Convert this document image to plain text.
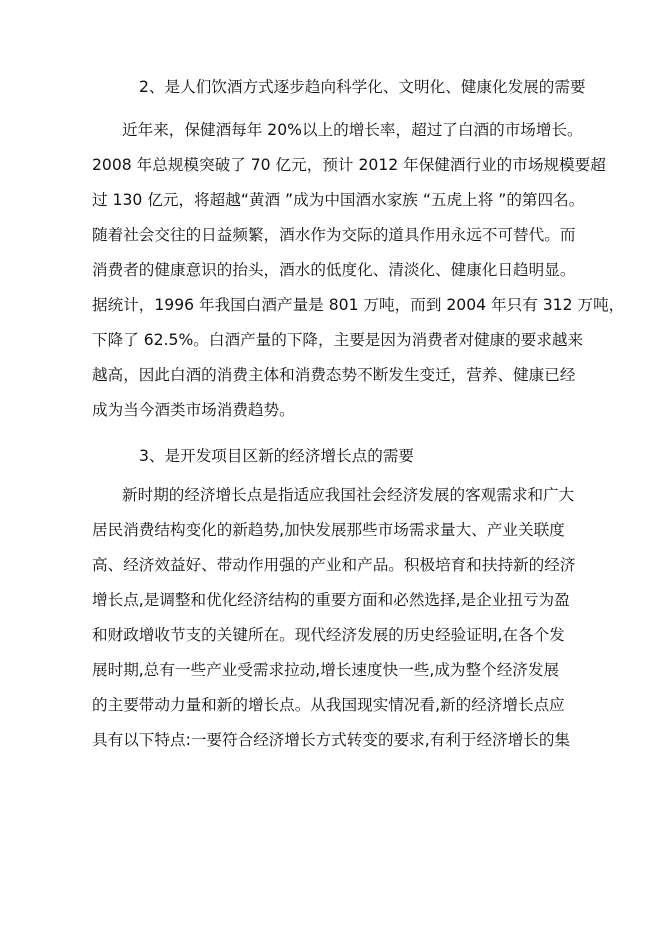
2、是人们饮酒方式逐步趋向科学化、文明化、健康化发展的需要
近年来，保健酒每年 20%以上的增长率，超过了白酒的市场增长。
2008 年总规模突破了 70 亿元，预计 2012 年保健酒行业的市场规模要超
过 130 亿元，将超越“黄酒 ”成为中国酒水家族 “五虎上将 ”的第四名。
随着社会交往的日益频繁，酒水作为交际的道具作用永远不可替代。而
消费者的健康意识的抬头，酒水的低度化、清淡化、健康化日趋明显。
据统计，1996 年我国白酒产量是 801 万吨，而到 2004 年只有 312 万吨，
下降了 62.5%。白酒产量的下降，主要是因为消费者对健康的要求越来
越高，因此白酒的消费主体和消费态势不断发生变迁，营养、健康已经
成为当今酒类市场消费趋势。
3、是开发项目区新的经济增长点的需要
新时期的经济增长点是指适应我国社会经济发展的客观需求和广大
居民消费结构变化的新趋势,加快发展那些市场需求量大、产业关联度
高、经济效益好、带动作用强的产业和产品。积极培育和扶持新的经济
增长点,是调整和优化经济结构的重要方面和必然选择,是企业扭亏为盈
和财政增收节支的关键所在。现代经济发展的历史经验证明,在各个发
展时期,总有一些产业受需求拉动,增长速度快一些,成为整个经济发展
的主要带动力量和新的增长点。从我国现实情况看,新的经济增长点应
具有以下特点:一要符合经济增长方式转变的要求,有利于经济增长的集
